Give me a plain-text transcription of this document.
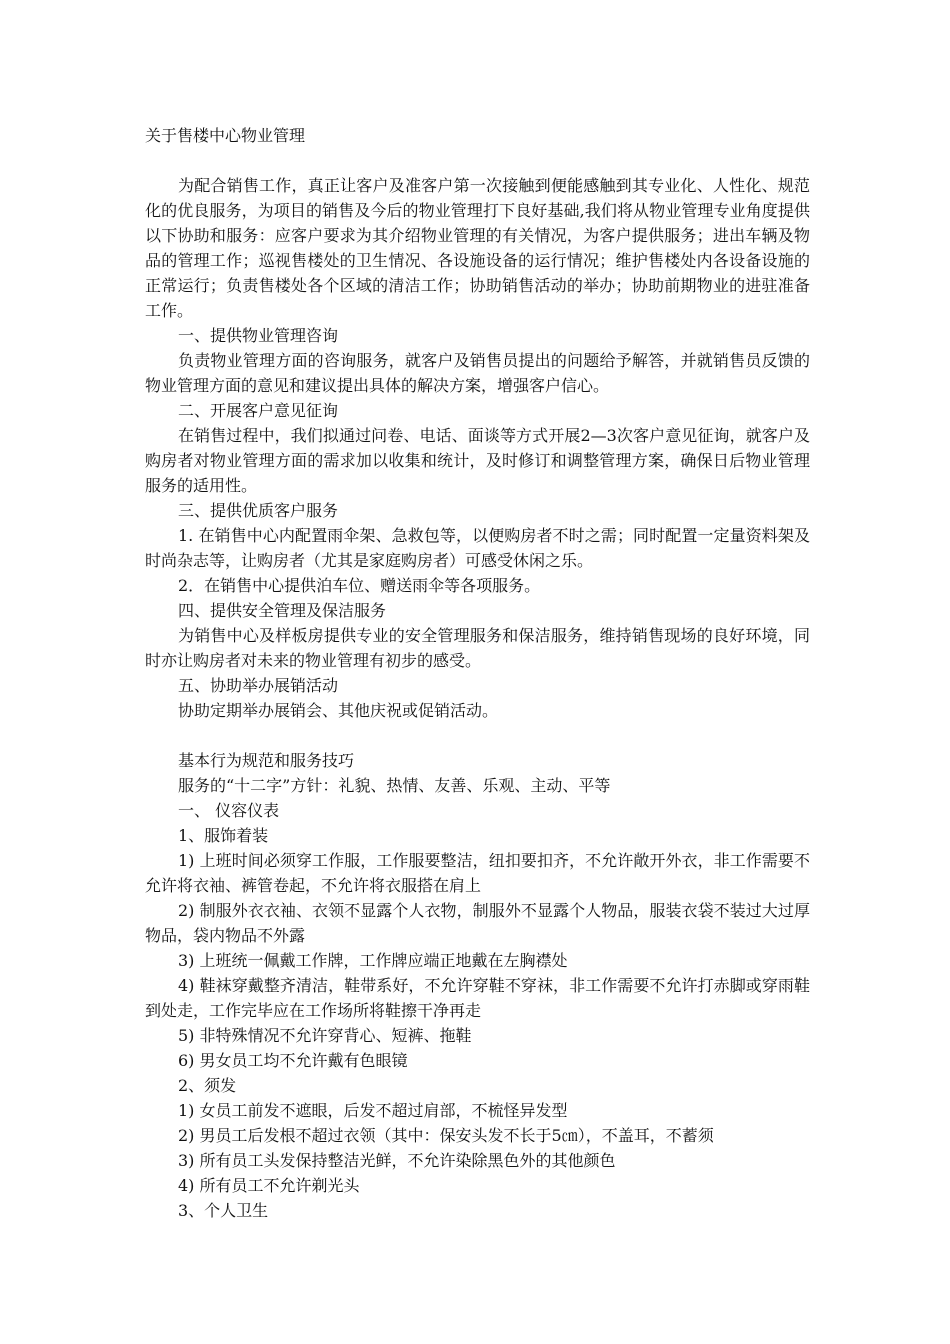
关于售楼中心物业管理

为配合销售工作，真正让客户及准客户第一次接触到便能感触到其专业化、人性化、规范化的优良服务，为项目的销售及今后的物业管理打下良好基础,我们将从物业管理专业角度提供以下协助和服务：应客户要求为其介绍物业管理的有关情况，为客户提供服务；进出车辆及物品的管理工作；巡视售楼处的卫生情况、各设施设备的运行情况；维护售楼处内各设备设施的正常运行；负责售楼处各个区域的清洁工作；协助销售活动的举办；协助前期物业的进驻准备工作。

一、提供物业管理咨询

负责物业管理方面的咨询服务，就客户及销售员提出的问题给予解答，并就销售员反馈的物业管理方面的意见和建议提出具体的解决方案，增强客户信心。

二、开展客户意见征询

在销售过程中，我们拟通过问卷、电话、面谈等方式开展2—3次客户意见征询，就客户及购房者对物业管理方面的需求加以收集和统计，及时修订和调整管理方案，确保日后物业管理服务的适用性。

三、提供优质客户服务

1. 在销售中心内配置雨伞架、急救包等，以便购房者不时之需；同时配置一定量资料架及时尚杂志等，让购房者（尤其是家庭购房者）可感受休闲之乐。

2．在销售中心提供泊车位、赠送雨伞等各项服务。

四、提供安全管理及保洁服务

为销售中心及样板房提供专业的安全管理服务和保洁服务，维持销售现场的良好环境，同时亦让购房者对未来的物业管理有初步的感受。

五、协助举办展销活动

协助定期举办展销会、其他庆祝或促销活动。

基本行为规范和服务技巧

服务的“十二字”方针：礼貌、热情、友善、乐观、主动、平等

一、 仪容仪表

1、服饰着装

1) 上班时间必须穿工作服，工作服要整洁，纽扣要扣齐，不允许敞开外衣，非工作需要不允许将衣袖、裤管卷起，不允许将衣服搭在肩上

2) 制服外衣衣袖、衣领不显露个人衣物，制服外不显露个人物品，服装衣袋不装过大过厚物品，袋内物品不外露

3) 上班统一佩戴工作牌，工作牌应端正地戴在左胸襟处

4) 鞋袜穿戴整齐清洁，鞋带系好，不允许穿鞋不穿袜，非工作需要不允许打赤脚或穿雨鞋到处走，工作完毕应在工作场所将鞋擦干净再走

5) 非特殊情况不允许穿背心、短裤、拖鞋

6) 男女员工均不允许戴有色眼镜

2、须发

1) 女员工前发不遮眼，后发不超过肩部，不梳怪异发型

2) 男员工后发根不超过衣领（其中：保安头发不长于5㎝），不盖耳，不蓄须

3) 所有员工头发保持整洁光鲜，不允许染除黑色外的其他颜色

4) 所有员工不允许剃光头

3、个人卫生
